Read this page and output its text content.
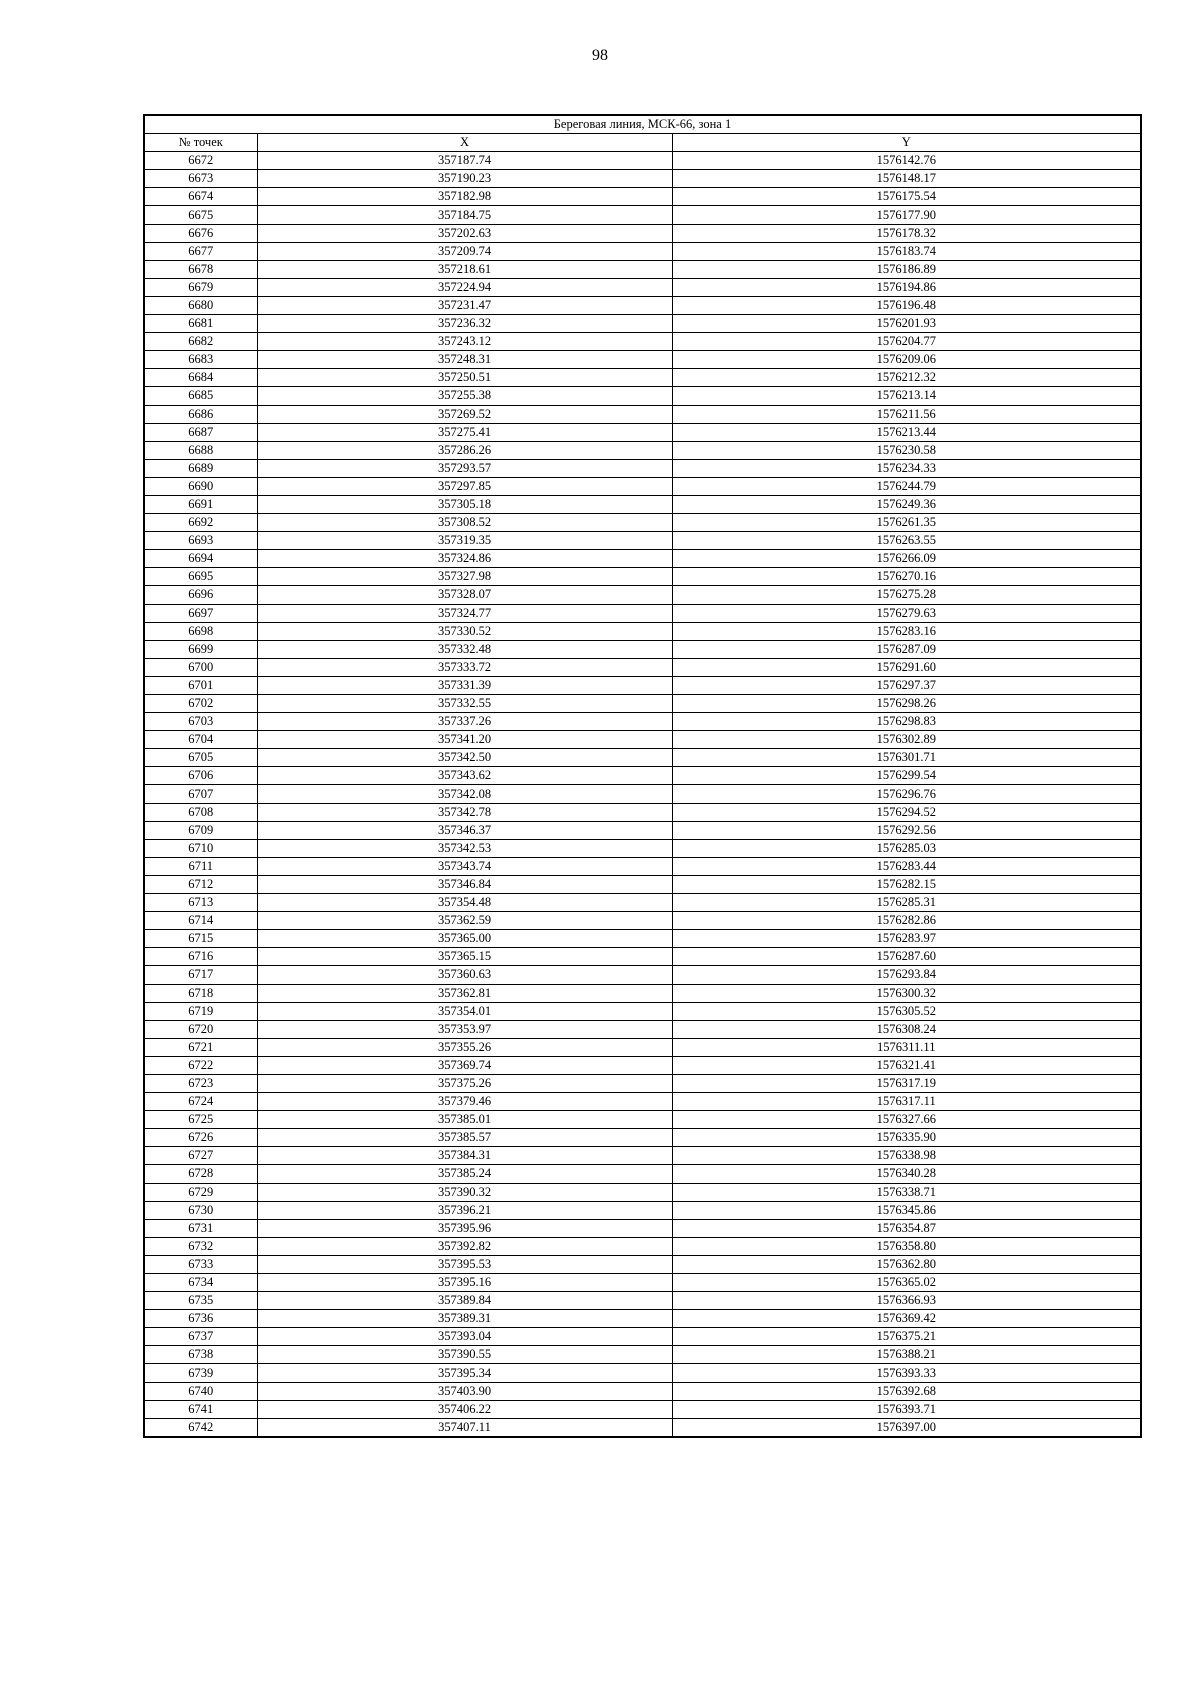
98
Береговая линия, МСК-66, зона 1		
№ точек	X	Y
6672	357187.74	1576142.76
6673	357190.23	1576148.17
6674	357182.98	1576175.54
6675	357184.75	1576177.90
6676	357202.63	1576178.32
6677	357209.74	1576183.74
6678	357218.61	1576186.89
6679	357224.94	1576194.86
6680	357231.47	1576196.48
6681	357236.32	1576201.93
6682	357243.12	1576204.77
6683	357248.31	1576209.06
6684	357250.51	1576212.32
6685	357255.38	1576213.14
6686	357269.52	1576211.56
6687	357275.41	1576213.44
6688	357286.26	1576230.58
6689	357293.57	1576234.33
6690	357297.85	1576244.79
6691	357305.18	1576249.36
6692	357308.52	1576261.35
6693	357319.35	1576263.55
6694	357324.86	1576266.09
6695	357327.98	1576270.16
6696	357328.07	1576275.28
6697	357324.77	1576279.63
6698	357330.52	1576283.16
6699	357332.48	1576287.09
6700	357333.72	1576291.60
6701	357331.39	1576297.37
6702	357332.55	1576298.26
6703	357337.26	1576298.83
6704	357341.20	1576302.89
6705	357342.50	1576301.71
6706	357343.62	1576299.54
6707	357342.08	1576296.76
6708	357342.78	1576294.52
6709	357346.37	1576292.56
6710	357342.53	1576285.03
6711	357343.74	1576283.44
6712	357346.84	1576282.15
6713	357354.48	1576285.31
6714	357362.59	1576282.86
6715	357365.00	1576283.97
6716	357365.15	1576287.60
6717	357360.63	1576293.84
6718	357362.81	1576300.32
6719	357354.01	1576305.52
6720	357353.97	1576308.24
6721	357355.26	1576311.11
6722	357369.74	1576321.41
6723	357375.26	1576317.19
6724	357379.46	1576317.11
6725	357385.01	1576327.66
6726	357385.57	1576335.90
6727	357384.31	1576338.98
6728	357385.24	1576340.28
6729	357390.32	1576338.71
6730	357396.21	1576345.86
6731	357395.96	1576354.87
6732	357392.82	1576358.80
6733	357395.53	1576362.80
6734	357395.16	1576365.02
6735	357389.84	1576366.93
6736	357389.31	1576369.42
6737	357393.04	1576375.21
6738	357390.55	1576388.21
6739	357395.34	1576393.33
6740	357403.90	1576392.68
6741	357406.22	1576393.71
6742	357407.11	1576397.00
